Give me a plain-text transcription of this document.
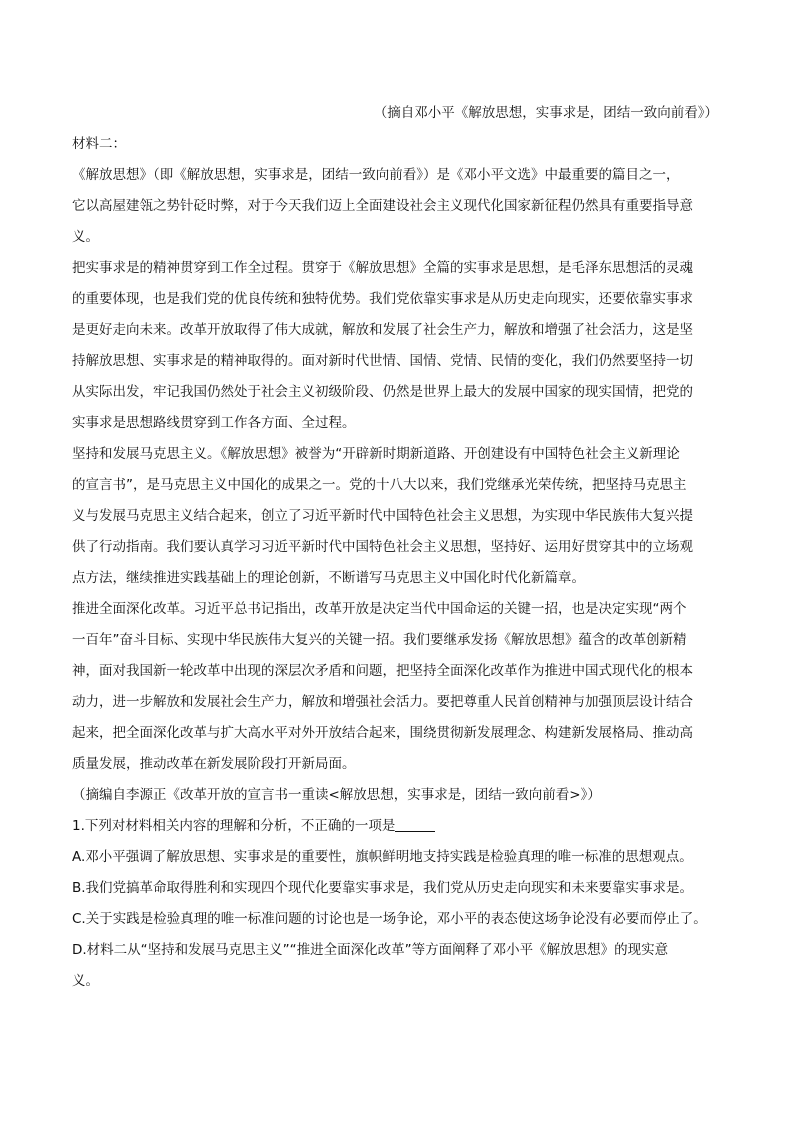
（摘自邓小平《解放思想，实事求是，团结一致向前看》）
材料二：
《解放思想》（即《解放思想，实事求是，团结一致向前看》）是《邓小平文选》中最重要的篇目之一，
它以高屋建瓴之势针砭时弊，对于今天我们迈上全面建设社会主义现代化国家新征程仍然具有重要指导意
义。
把实事求是的精神贯穿到工作全过程。贯穿于《解放思想》全篇的实事求是思想，是毛泽东思想活的灵魂
的重要体现，也是我们党的优良传统和独特优势。我们党依靠实事求是从历史走向现实，还要依靠实事求
是更好走向未来。改革开放取得了伟大成就，解放和发展了社会生产力，解放和增强了社会活力，这是坚
持解放思想、实事求是的精神取得的。面对新时代世情、国情、党情、民情的变化，我们仍然要坚持一切
从实际出发，牢记我国仍然处于社会主义初级阶段、仍然是世界上最大的发展中国家的现实国情，把党的
实事求是思想路线贯穿到工作各方面、全过程。
坚持和发展马克思主义。《解放思想》被誉为“开辟新时期新道路、开创建设有中国特色社会主义新理论
的宣言书”，是马克思主义中国化的成果之一。党的十八大以来，我们党继承光荣传统，把坚持马克思主
义与发展马克思主义结合起来，创立了习近平新时代中国特色社会主义思想，为实现中华民族伟大复兴提
供了行动指南。我们要认真学习习近平新时代中国特色社会主义思想，坚持好、运用好贯穿其中的立场观
点方法，继续推进实践基础上的理论创新，不断谱写马克思主义中国化时代化新篇章。
推进全面深化改革。习近平总书记指出，改革开放是决定当代中国命运的关键一招，也是决定实现“两个
一百年”奋斗目标、实现中华民族伟大复兴的关键一招。我们要继承发扬《解放思想》蕴含的改革创新精
神，面对我国新一轮改革中出现的深层次矛盾和问题，把坚持全面深化改革作为推进中国式现代化的根本
动力，进一步解放和发展社会生产力，解放和增强社会活力。要把尊重人民首创精神与加强顶层设计结合
起来，把全面深化改革与扩大高水平对外开放结合起来，围绕贯彻新发展理念、构建新发展格局、推动高
质量发展，推动改革在新发展阶段打开新局面。
（摘编自李源正《改革开放的宣言书一重读<解放思想，实事求是，团结一致向前看>》）
1.下列对材料相关内容的理解和分析，不正确的一项是
A.邓小平强调了解放思想、实事求是的重要性，旗帜鲜明地支持实践是检验真理的唯一标准的思想观点。
B.我们党搞革命取得胜利和实现四个现代化要靠实事求是，我们党从历史走向现实和未来要靠实事求是。
C.关于实践是检验真理的唯一标准问题的讨论也是一场争论，邓小平的表态使这场争论没有必要而停止了。
D.材料二从“坚持和发展马克思主义”“推进全面深化改革”等方面阐释了邓小平《解放思想》的现实意
义。
